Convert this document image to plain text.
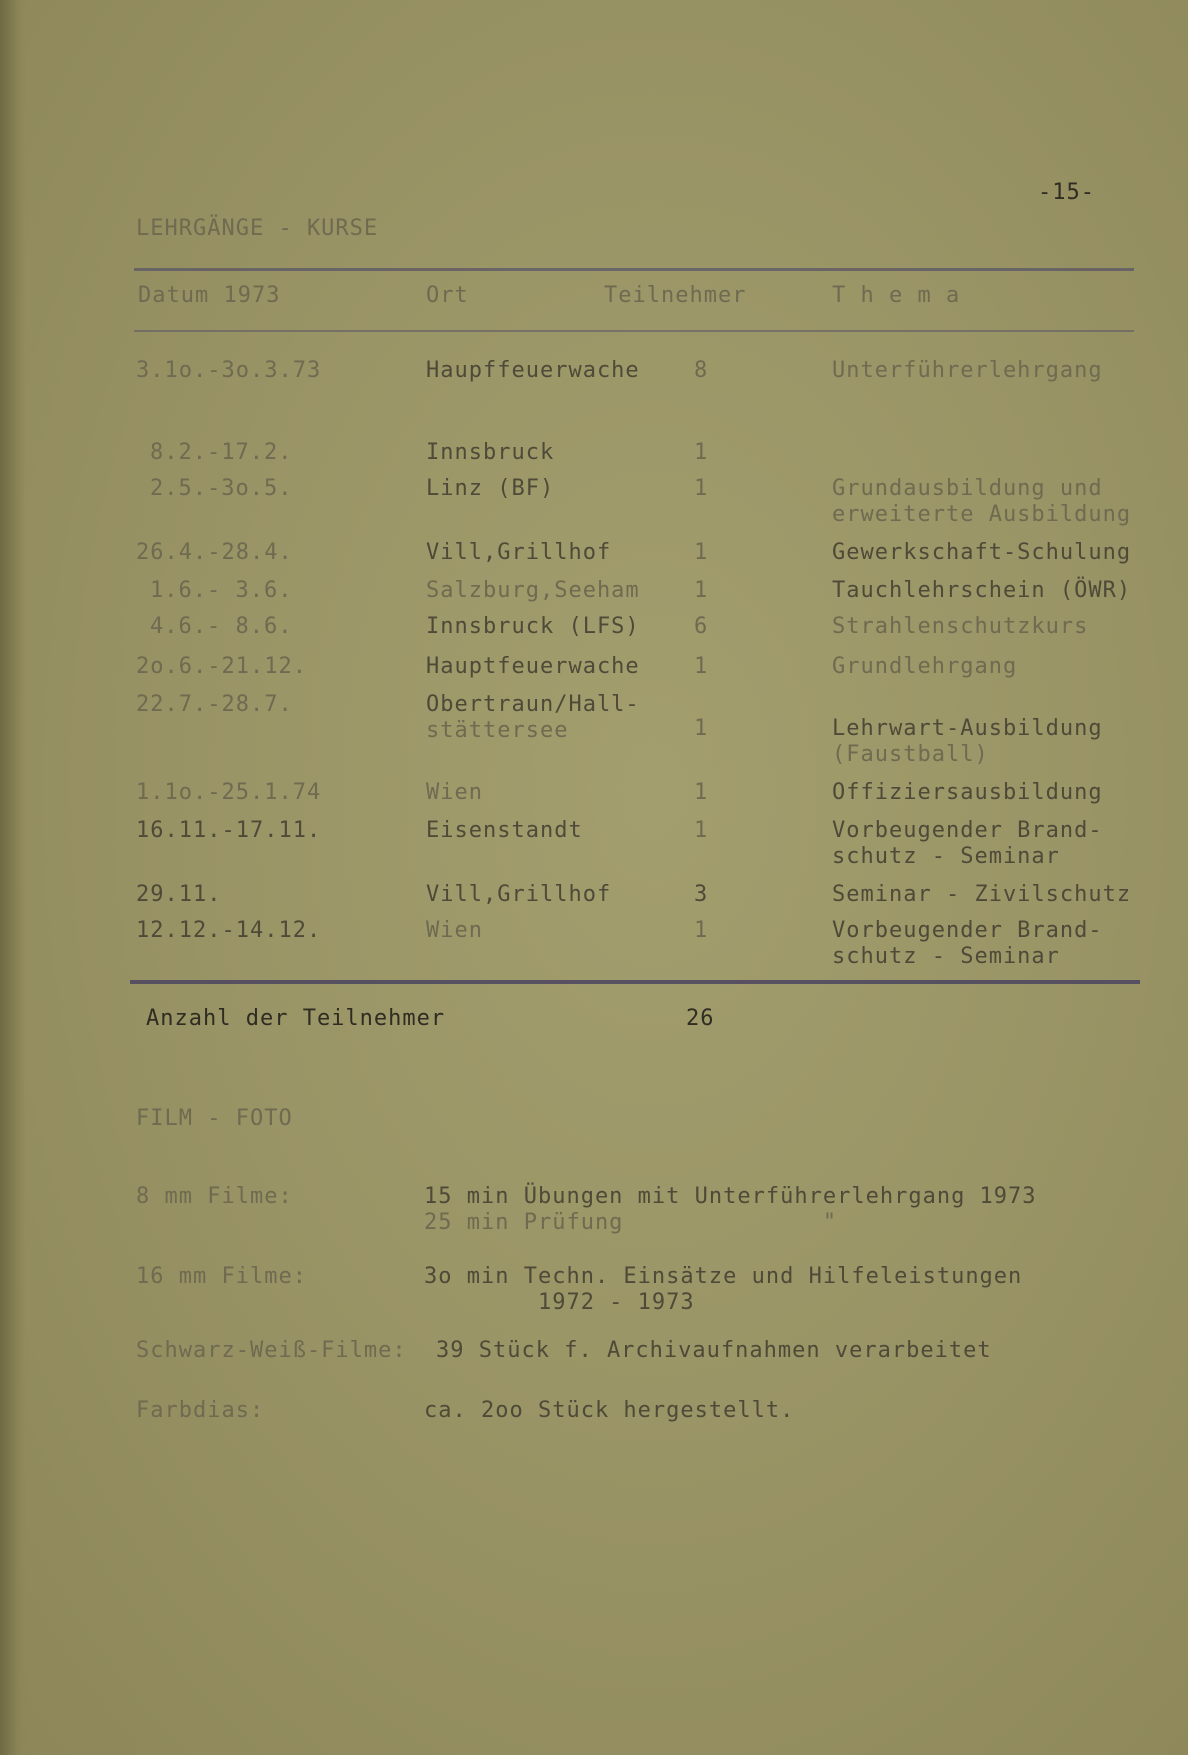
-15-
LEHRGÄNGE - KURSE
Datum 1973	Ort	Teilnehmer	T h e m a
3.1o.-3o.3.73	Haupffeuerwache 8	Unterführerlehrgang
8.2.-17.2.	Innsbruck	1
2.5.-3o.5.	Linz (BF)	1	Grundausbildung und
erweiterte Ausbildung
26.4.-28.4.	Vill,Grillhof	1	Gewerkschaft-Schulung
1.6.- 3.6.	Salzburg,Seeham 1	Tauchlehrschein (ÖWR)
4.6.- 8.6.	Innsbruck (LFS) 6	Strahlenschutzkurs
2o.6.-21.12.	Hauptfeuerwache 1	Grundlehrgang
22.7.-28.7.	Obertraun/Hall-
stättersee	1	Lehrwart-Ausbildung
(Faustball)
1.1o.-25.1.74	Wien	1	Offiziersausbildung
16.11.-17.11.	Eisenstandt	1	Vorbeugender Brand-
schutz - Seminar
29.11.	Vill,Grillhof	3	Seminar - Zivilschutz
12.12.-14.12.	Wien	1	Vorbeugender Brand-
schutz - Seminar
Anzahl der Teilnehmer	26
FILM - FOTO
8 mm Filme:	15 min Übungen mit Unterführerlehrgang 1973
25 min Prüfung              "
16 mm Filme:	3o min Techn. Einsätze und Hilfeleistungen
1972 - 1973
Schwarz-Weiß-Filme: 39 Stück f. Archivaufnahmen verarbeitet
Farbdias:	ca. 2oo Stück hergestellt.
